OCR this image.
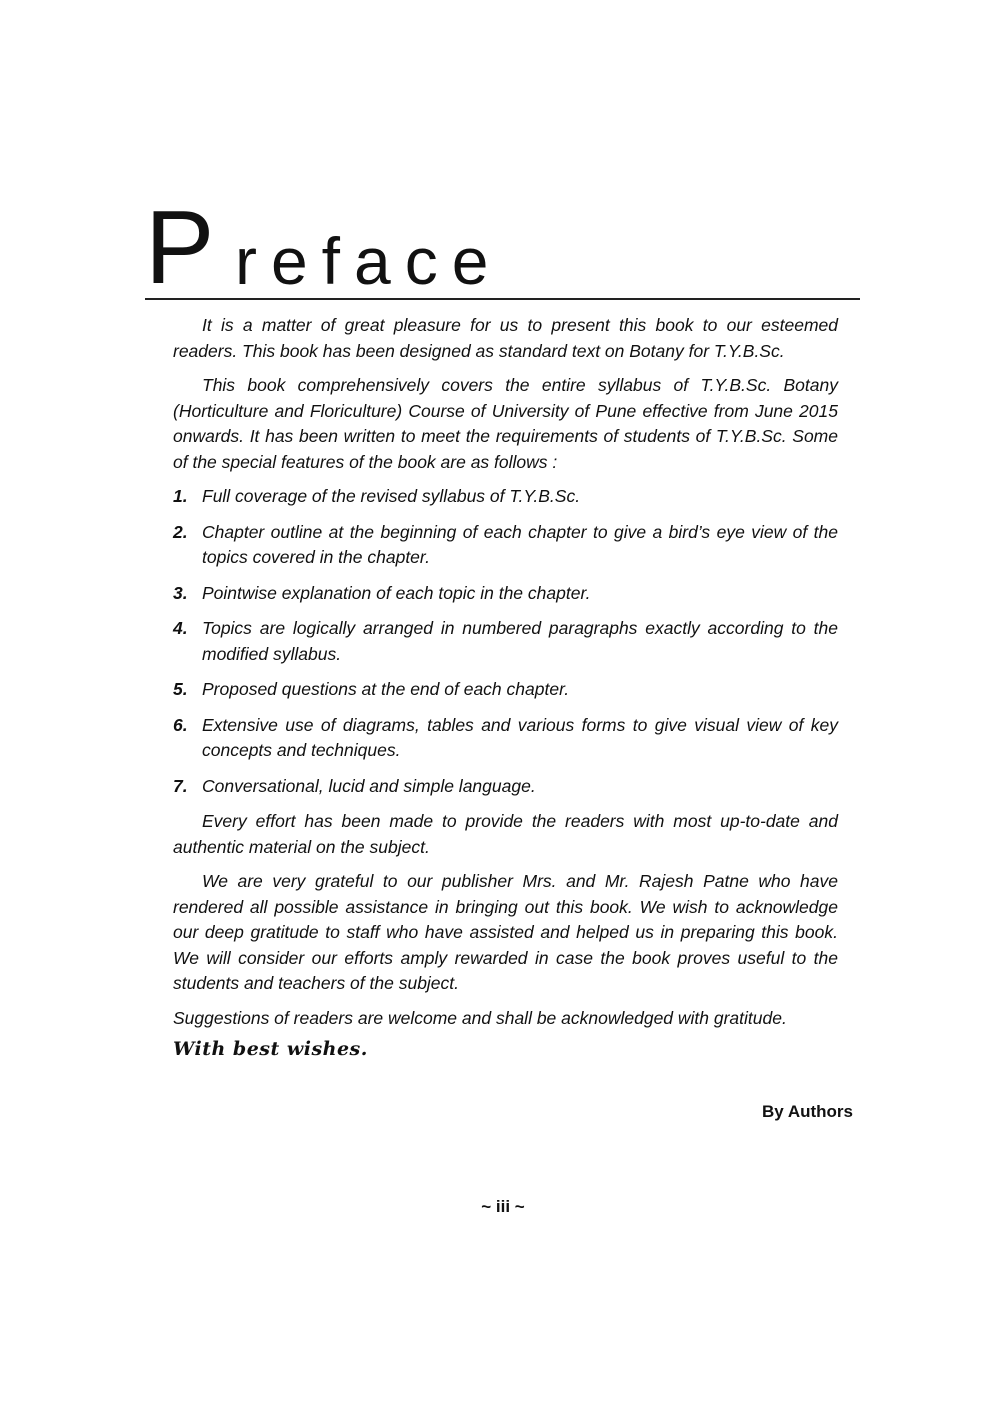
P reface

It is a matter of great pleasure for us to present this book to our esteemed readers. This book has been designed as standard text on Botany for T.Y.B.Sc.

This book comprehensively covers the entire syllabus of T.Y.B.Sc. Botany (Horticulture and Floriculture) Course of University of Pune effective from June 2015 onwards. It has been written to meet the requirements of students of T.Y.B.Sc. Some of the special features of the book are as follows :

1. Full coverage of the revised syllabus of T.Y.B.Sc.
2. Chapter outline at the beginning of each chapter to give a bird’s eye view of the topics covered in the chapter.
3. Pointwise explanation of each topic in the chapter.
4. Topics are logically arranged in numbered paragraphs exactly according to the modified syllabus.
5. Proposed questions at the end of each chapter.
6. Extensive use of diagrams, tables and various forms to give visual view of key concepts and techniques.
7. Conversational, lucid and simple language.

Every effort has been made to provide the readers with most up-to-date and authentic material on the subject.

We are very grateful to our publisher Mrs. and Mr. Rajesh Patne who have rendered all possible assistance in bringing out this book. We wish to acknowledge our deep gratitude to staff who have assisted and helped us in preparing this book. We will consider our efforts amply rewarded in case the book proves useful to the students and teachers of the subject.

Suggestions of readers are welcome and shall be acknowledged with gratitude.

With best wishes.
By Authors
~ iii ~
